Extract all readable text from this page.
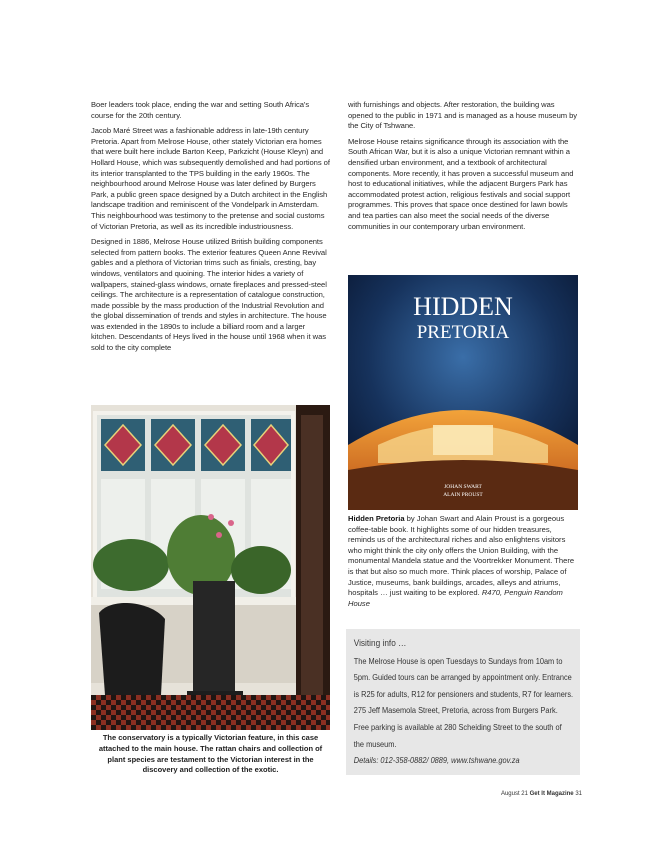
Boer leaders took place, ending the war and setting South Africa's course for the 20th century.

Jacob Maré Street was a fashionable address in late-19th century Pretoria. Apart from Melrose House, other stately Victorian era homes that were built here include Barton Keep, Parkzicht (House Kleyn) and Hollard House, which was subsequently demolished and had portions of its interior transplanted to the TPS building in the early 1960s. The neighbourhood around Melrose House was later defined by Burgers Park, a public green space designed by a Dutch architect in the English landscape tradition and reminiscent of the Vondelpark in Amsterdam. This neighbourhood was testimony to the pretense and social customs of Victorian Pretoria, as well as its incredible industriousness.

Designed in 1886, Melrose House utilized British building components selected from pattern books. The exterior features Queen Anne Revival gables and a plethora of Victorian trims such as finials, cresting, bay windows, ventilators and quoining. The interior hides a variety of wallpapers, stained-glass windows, ornate fireplaces and pressed-steel ceilings. The architecture is a representation of catalogue construction, made possible by the mass production of the Industrial Revolution and the global dissemination of trends and styles in architecture. The house was extended in the 1890s to include a billiard room and a larger kitchen. Descendants of Heys lived in the house until 1968 when it was sold to the city complete

with furnishings and objects. After restoration, the building was opened to the public in 1971 and is managed as a house museum by the City of Tshwane.

Melrose House retains significance through its association with the South African War, but it is also a unique Victorian remnant within a densified urban environment, and a textbook of architectural components. More recently, it has proven a successful museum and host to educational initiatives, while the adjacent Burgers Park has accommodated protest action, religious festivals and social support programmes. This proves that space once destined for lawn bowls and tea parties can also meet the social needs of the diverse communities in our contemporary urban environment.

The conservatory is a typically Victorian feature, in this case attached to the main house. The rattan chairs and collection of plant species are testament to the Victorian interest in the discovery and collection of the exotic.
HIDDEN
PRETORIA
JOHAN SWART
ALAIN PROUST
Hidden Pretoria by Johan Swart and Alain Proust is a gorgeous coffee-table book. It highlights some of our hidden treasures, reminds us of the architectural riches and also enlightens visitors who might think the city only offers the Union Building, with the monumental Mandela statue and the Voortrekker Monument. There is that but also so much more. Think places of worship, Palace of Justice, museums, bank buildings, arcades, alleys and atriums, hospitals … just waiting to be explored. R470, Penguin Random House
Visiting info …
The Melrose House is open Tuesdays to Sundays from 10am to 5pm. Guided tours can be arranged by appointment only. Entrance is R25 for adults, R12 for pensioners and students, R7 for learners. 275 Jeff Masemola Street, Pretoria, across from Burgers Park. Free parking is available at 280 Scheiding Street to the south of the museum.
Details: 012-358-0882/ 0889, www.tshwane.gov.za
August 21 Get It Magazine 31
